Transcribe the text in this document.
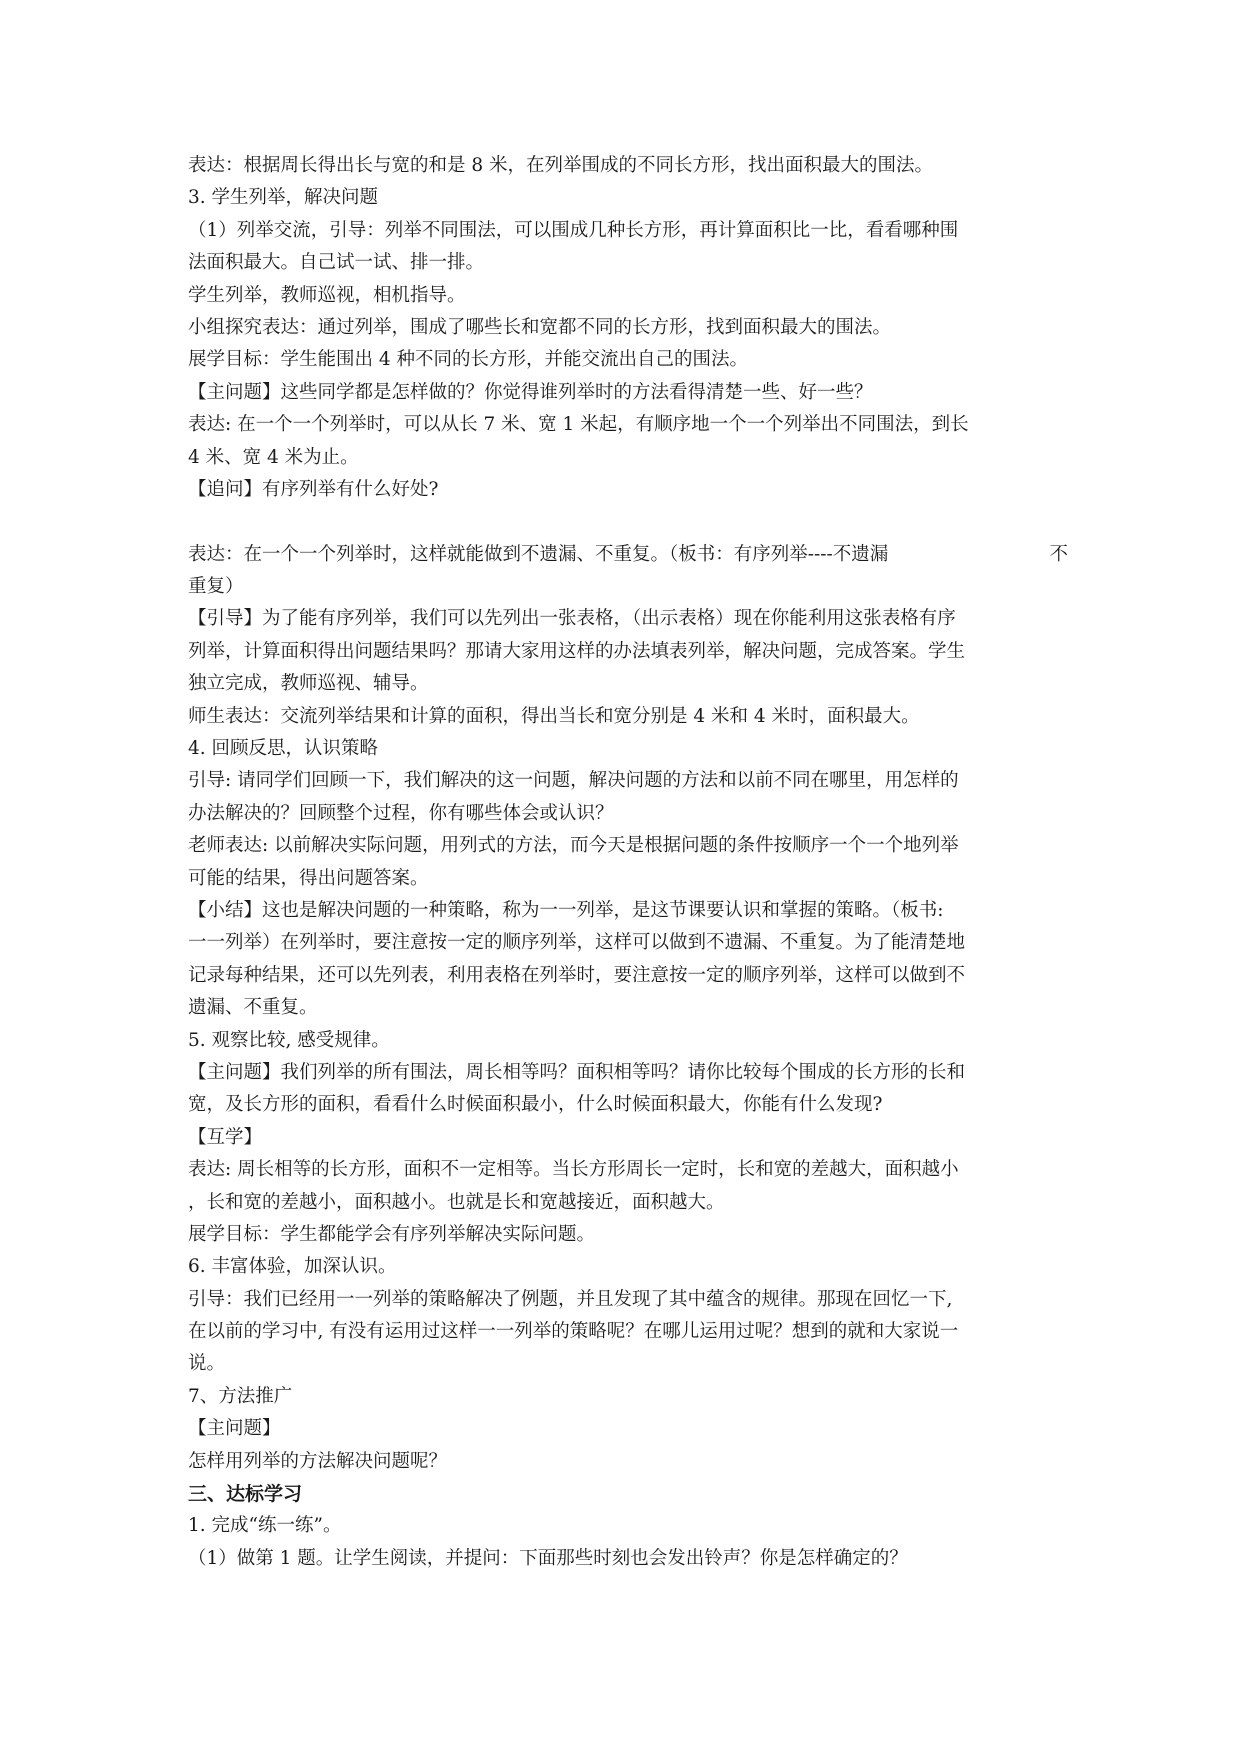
表达：根据周长得出长与宽的和是 8 米，在列举围成的不同长方形，找出面积最大的围法。
3. 学生列举，解决问题
（1）列举交流，引导：列举不同围法，可以围成几种长方形，再计算面积比一比，看看哪种围
法面积最大。自己试一试、排一排。
学生列举，教师巡视，相机指导。
小组探究表达：通过列举，围成了哪些长和宽都不同的长方形，找到面积最大的围法。
展学目标：学生能围出 4 种不同的长方形，并能交流出自己的围法。
【主问题】这些同学都是怎样做的？你觉得谁列举时的方法看得清楚一些、好一些？
表达: 在一个一个列举时，可以从长 7 米、宽 1 米起，有顺序地一个一个列举出不同围法，到长
4 米、宽 4 米为止。
【追问】有序列举有什么好处?
表达：在一个一个列举时，这样就能做到不遗漏、不重复。（板书：有序列举----不遗漏	不
重复）
【引导】为了能有序列举，我们可以先列出一张表格，（出示表格）现在你能利用这张表格有序
列举，计算面积得出问题结果吗？那请大家用这样的办法填表列举，解决问题，完成答案。学生
独立完成，教师巡视、辅导。
师生表达：交流列举结果和计算的面积，得出当长和宽分别是 4 米和 4 米时，面积最大。
4. 回顾反思，认识策略
引导: 请同学们回顾一下，我们解决的这一问题，解决问题的方法和以前不同在哪里，用怎样的
办法解决的？回顾整个过程，你有哪些体会或认识？
老师表达: 以前解决实际问题，用列式的方法，而今天是根据问题的条件按顺序一个一个地列举
可能的结果，得出问题答案。
【小结】这也是解决问题的一种策略，称为一一列举，是这节课要认识和掌握的策略。（板书:
一一列举）在列举时，要注意按一定的顺序列举，这样可以做到不遗漏、不重复。为了能清楚地
记录每种结果，还可以先列表，利用表格在列举时，要注意按一定的顺序列举，这样可以做到不
遗漏、不重复。
5. 观察比较, 感受规律。
【主问题】我们列举的所有围法，周长相等吗？面积相等吗？请你比较每个围成的长方形的长和
宽，及长方形的面积，看看什么时候面积最小，什么时候面积最大，你能有什么发现?
【互学】
表达: 周长相等的长方形，面积不一定相等。当长方形周长一定时，长和宽的差越大，面积越小
，长和宽的差越小，面积越小。也就是长和宽越接近，面积越大。
展学目标：学生都能学会有序列举解决实际问题。
6. 丰富体验，加深认识。
引导：我们已经用一一列举的策略解决了例题，并且发现了其中蕴含的规律。那现在回忆一下,
在以前的学习中, 有没有运用过这样一一列举的策略呢？在哪儿运用过呢？想到的就和大家说一
说。
7、方法推广
【主问题】
怎样用列举的方法解决问题呢？
三、达标学习
1. 完成“练一练”。
（1）做第 1 题。让学生阅读，并提问：下面那些时刻也会发出铃声？你是怎样确定的？
